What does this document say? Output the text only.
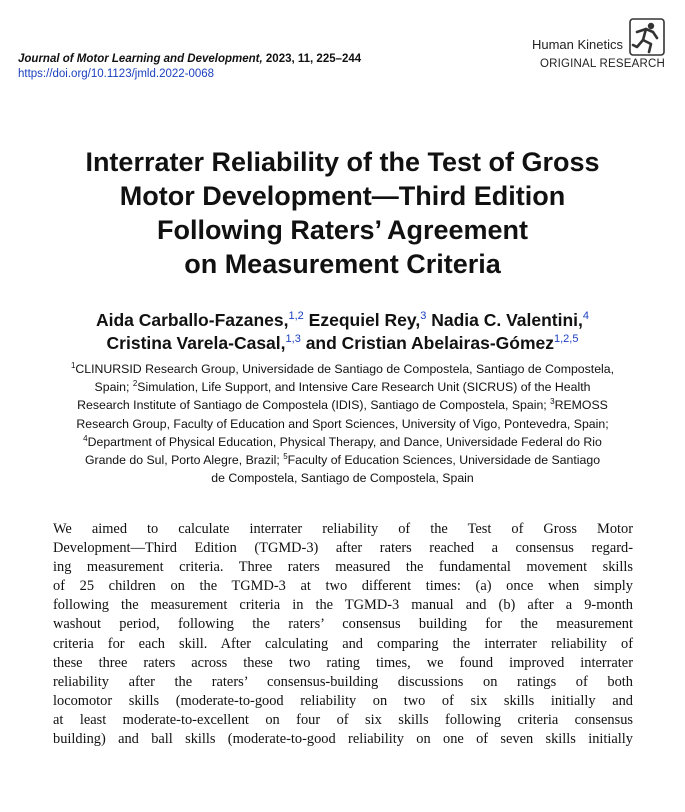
Journal of Motor Learning and Development, 2023, 11, 225–244
https://doi.org/10.1123/jmld.2022-0068
Human Kinetics
ORIGINAL RESEARCH
Interrater Reliability of the Test of Gross
Motor Development—Third Edition
Following Raters’ Agreement
on Measurement Criteria
Aida Carballo-Fazanes,$^{1,2}$ Ezequiel Rey,$^3$ Nadia C. Valentini,$^4$
Cristina Varela-Casal,$^{1,3}$ and Cristian Abelairas-Gómez$^{1,2,5}$
$^1$CLINURSID Research Group, Universidade de Santiago de Compostela, Santiago de Compostela,
Spain; $^2$Simulation, Life Support, and Intensive Care Research Unit (SICRUS) of the Health
Research Institute of Santiago de Compostela (IDIS), Santiago de Compostela, Spain; $^3$REMOSS
Research Group, Faculty of Education and Sport Sciences, University of Vigo, Pontevedra, Spain;
$^4$Department of Physical Education, Physical Therapy, and Dance, Universidade Federal do Rio
Grande do Sul, Porto Alegre, Brazil; $^5$Faculty of Education Sciences, Universidade de Santiago
de Compostela, Santiago de Compostela, Spain
We aimed to calculate interrater reliability of the Test of Gross Motor
Development—Third Edition (TGMD-3) after raters reached a consensus regard-
ing measurement criteria. Three raters measured the fundamental movement skills
of 25 children on the TGMD-3 at two different times: (a) once when simply
following the measurement criteria in the TGMD-3 manual and (b) after a 9-month
washout period, following the raters’ consensus building for the measurement
criteria for each skill. After calculating and comparing the interrater reliability of
these three raters across these two rating times, we found improved interrater
reliability after the raters’ consensus-building discussions on ratings of both
locomotor skills (moderate-to-good reliability on two of six skills initially and
at least moderate-to-excellent on four of six skills following criteria consensus
building) and ball skills (moderate-to-good reliability on one of seven skills initially
